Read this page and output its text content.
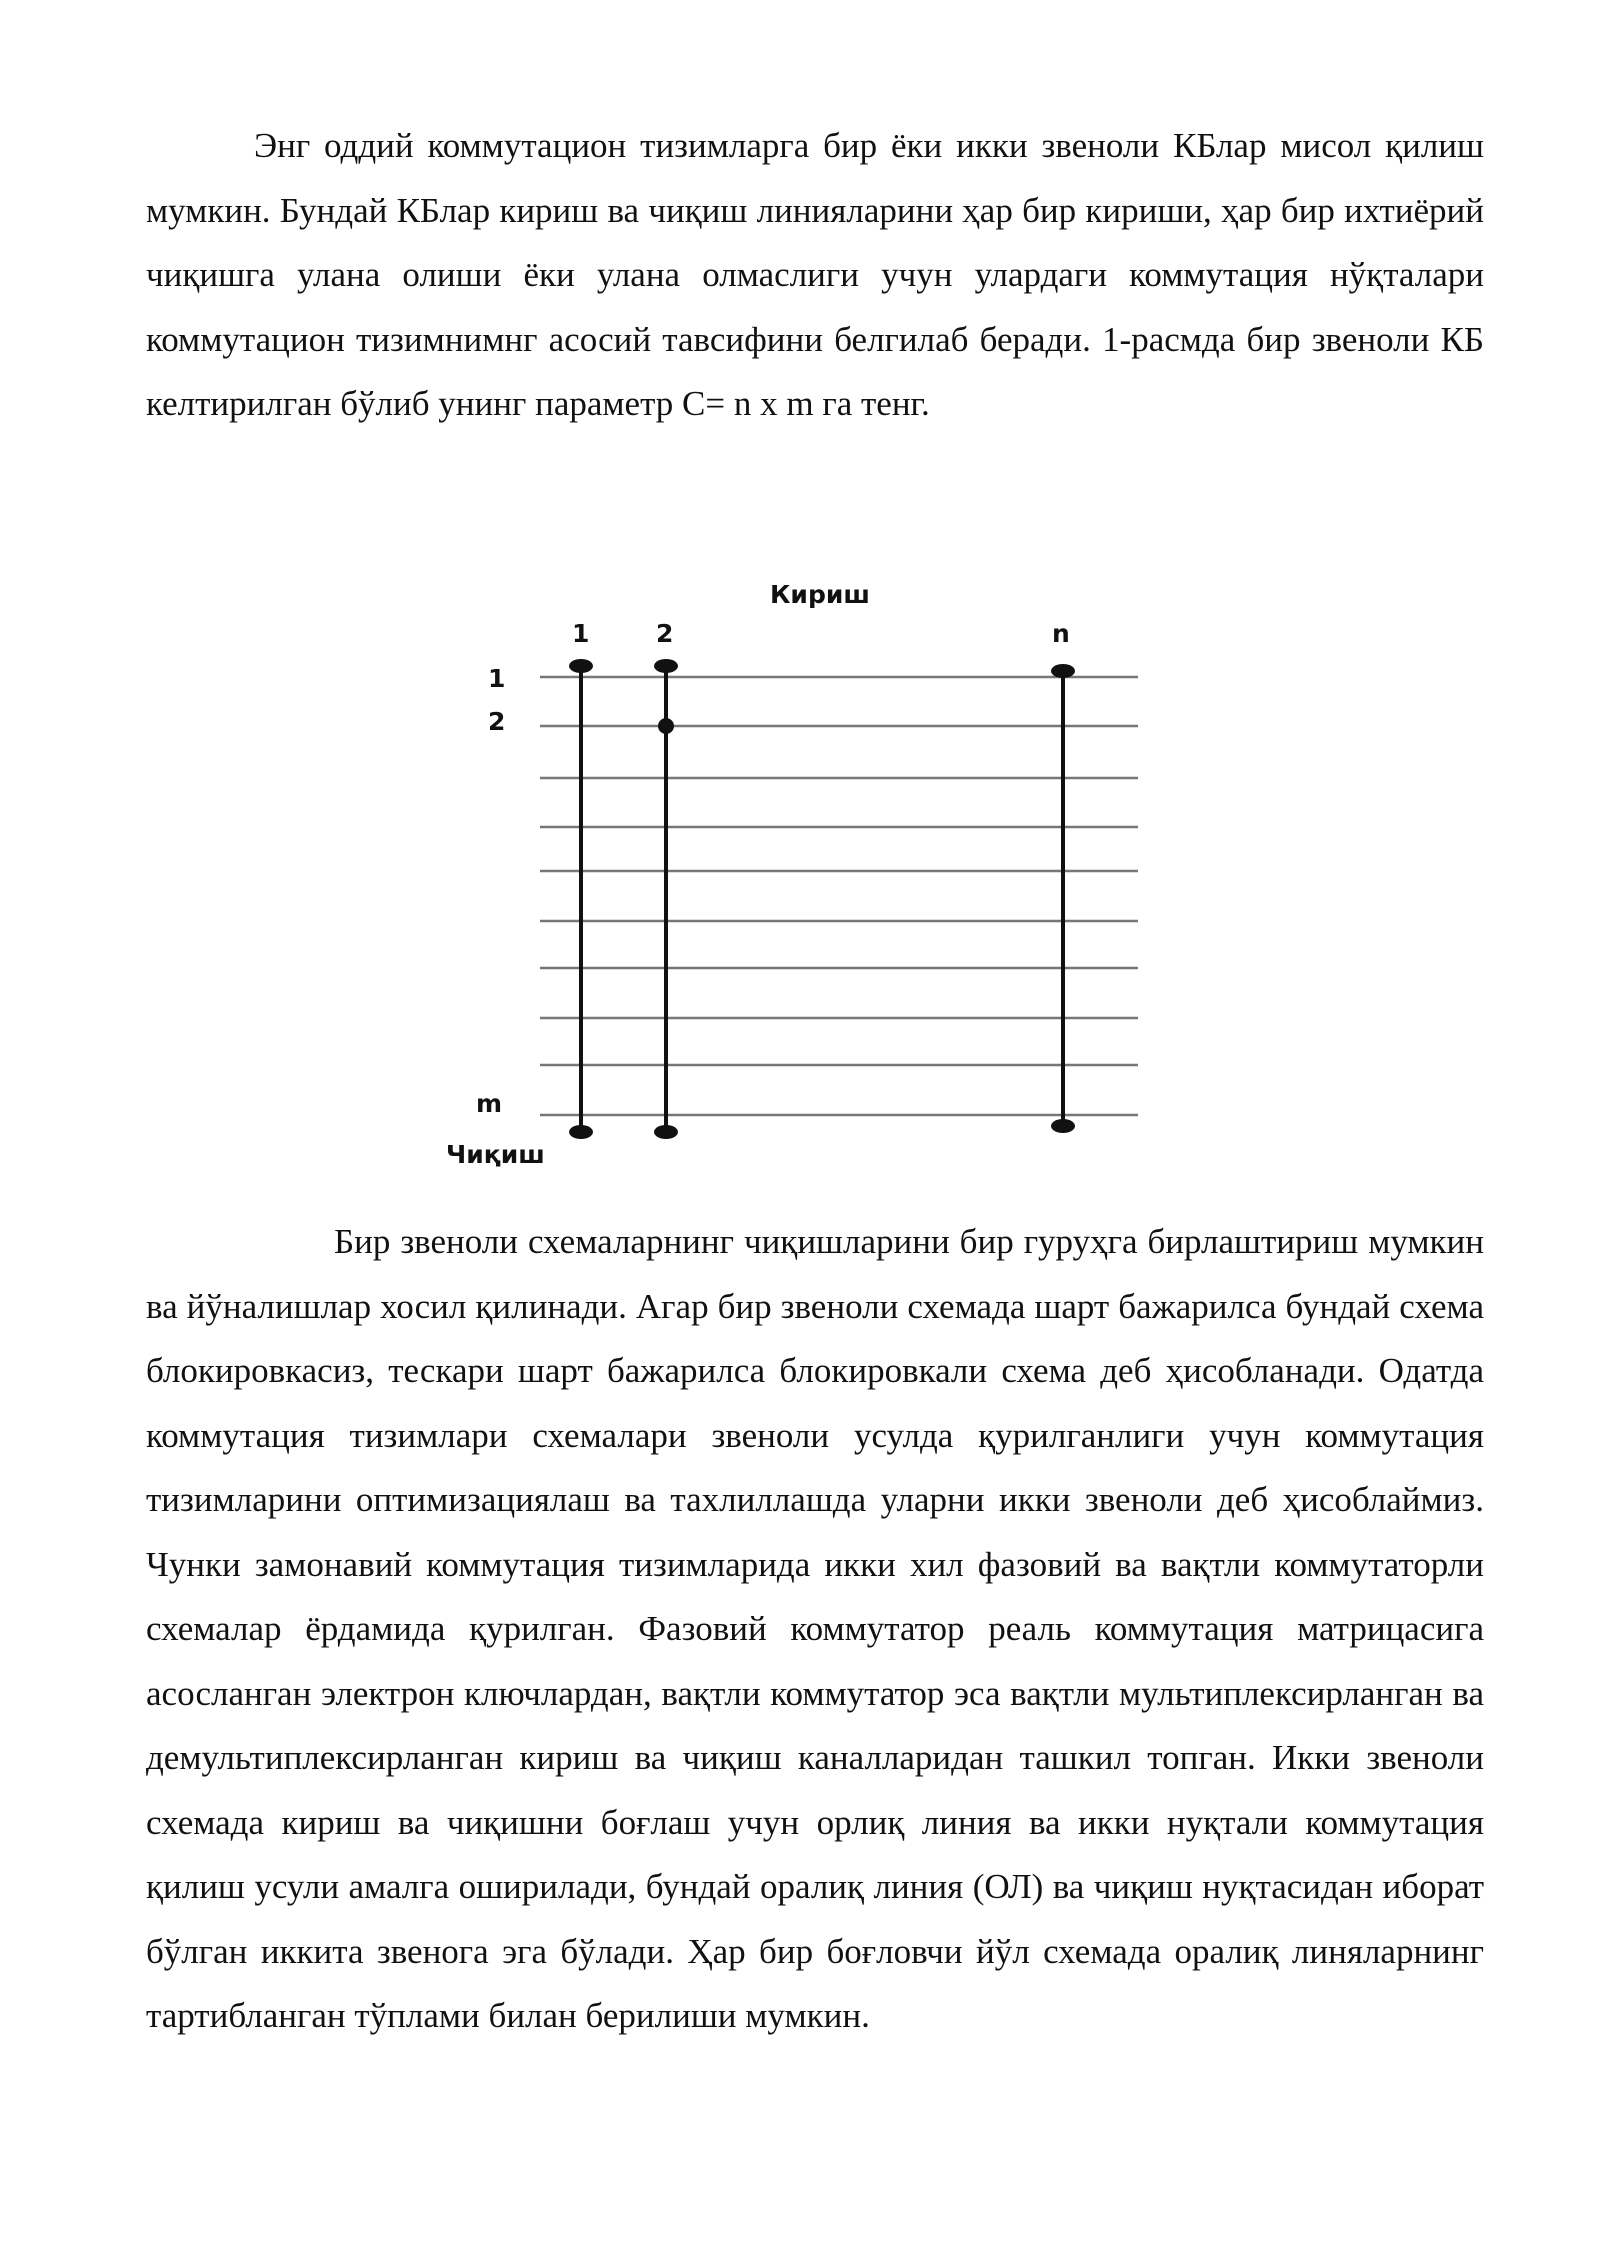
Энг оддий коммутацион тизимларга бир ёки икки звеноли КБлар мисол қилиш мумкин. Бундай КБлар кириш ва чиқиш линияларини ҳар бир кириши, ҳар бир ихтиёрий чиқишга улана олиши ёки улана олмаслиги учун улардаги коммутация нўқталари коммутацион тизимнимнг асосий тавсифини белгилаб беради. 1-расмда бир звеноли КБ келтирилган бўлиб унинг параметр С= n x m га тенг.

Кириш
1	2	n
1
2
m
Чиқиш

Бир звеноли схемаларнинг чиқишларини бир гуруҳга бирлаштириш мумкин ва йўналишлар хосил қилинади. Агар бир звеноли схемада шарт бажарилса бундай схема блокировкасиз, тескари шарт бажарилса блокировкали схема деб ҳисобланади. Одатда коммутация тизимлари схемалари звеноли усулда қурилганлиги учун коммутация тизимларини оптимизациялаш ва тахлиллашда уларни икки звеноли деб ҳисоблаймиз. Чунки замонавий коммутация тизимларида икки хил фазовий ва вақтли коммутаторли схемалар ёрдамида қурилган. Фазовий коммутатор реаль коммутация матрицасига асосланган электрон ключлардан, вақтли коммутатор эса вақтли мультиплексирланган ва демультиплексирланган кириш ва чиқиш каналларидан ташкил топган. Икки звеноли схемада кириш ва чиқишни боғлаш учун орлиқ линия ва икки нуқтали коммутация қилиш усули амалга оширилади, бундай оралиқ линия (ОЛ) ва чиқиш нуқтасидан иборат бўлган иккита звенога эга бўлади. Ҳар бир боғловчи йўл схемада оралиқ линяларнинг тартибланган тўплами билан берилиши мумкин.
